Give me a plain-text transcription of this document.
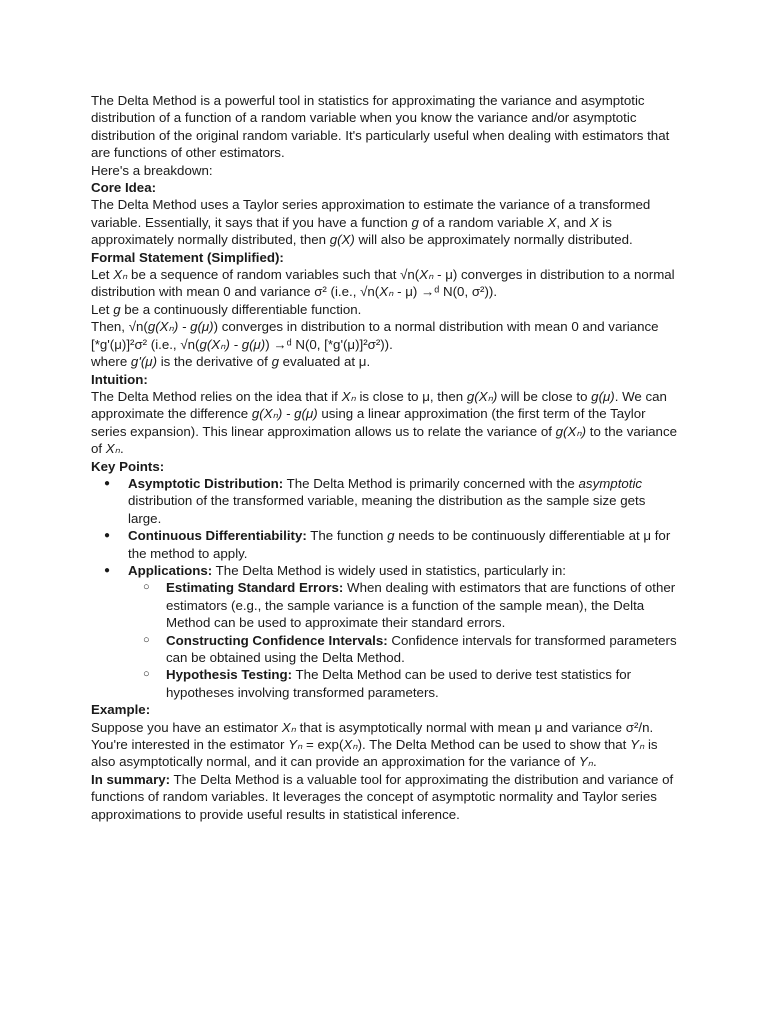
The Delta Method is a powerful tool in statistics for approximating the variance and asymptotic distribution of a function of a random variable when you know the variance and/or asymptotic distribution of the original random variable. It's particularly useful when dealing with estimators that are functions of other estimators.

Here's a breakdown:

Core Idea:

The Delta Method uses a Taylor series approximation to estimate the variance of a transformed variable. Essentially, it says that if you have a function g of a random variable X, and X is approximately normally distributed, then g(X) will also be approximately normally distributed.

Formal Statement (Simplified):

Let Xₙ be a sequence of random variables such that √n(Xₙ - μ) converges in distribution to a normal distribution with mean 0 and variance σ² (i.e., √n(Xₙ - μ) →ᵈ N(0, σ²)).

Let g be a continuously differentiable function.

Then, √n(g(Xₙ) - g(μ)) converges in distribution to a normal distribution with mean 0 and variance [*g'(μ)]²σ² (i.e., √n(g(Xₙ) - g(μ)) →ᵈ N(0, [*g'(μ)]²σ²)).

where g'(μ) is the derivative of g evaluated at μ.

Intuition:

The Delta Method relies on the idea that if Xₙ is close to μ, then g(Xₙ) will be close to g(μ). We can approximate the difference g(Xₙ) - g(μ) using a linear approximation (the first term of the Taylor series expansion). This linear approximation allows us to relate the variance of g(Xₙ) to the variance of Xₙ.

Key Points:

● Asymptotic Distribution: The Delta Method is primarily concerned with the asymptotic distribution of the transformed variable, meaning the distribution as the sample size gets large.
● Continuous Differentiability: The function g needs to be continuously differentiable at μ for the method to apply.
● Applications: The Delta Method is widely used in statistics, particularly in:
○ Estimating Standard Errors: When dealing with estimators that are functions of other estimators (e.g., the sample variance is a function of the sample mean), the Delta Method can be used to approximate their standard errors.
○ Constructing Confidence Intervals: Confidence intervals for transformed parameters can be obtained using the Delta Method.
○ Hypothesis Testing: The Delta Method can be used to derive test statistics for hypotheses involving transformed parameters.

Example:

Suppose you have an estimator Xₙ that is asymptotically normal with mean μ and variance σ²/n. You're interested in the estimator Yₙ = exp(Xₙ). The Delta Method can be used to show that Yₙ is also asymptotically normal, and it can provide an approximation for the variance of Yₙ.

In summary: The Delta Method is a valuable tool for approximating the distribution and variance of functions of random variables. It leverages the concept of asymptotic normality and Taylor series approximations to provide useful results in statistical inference.
